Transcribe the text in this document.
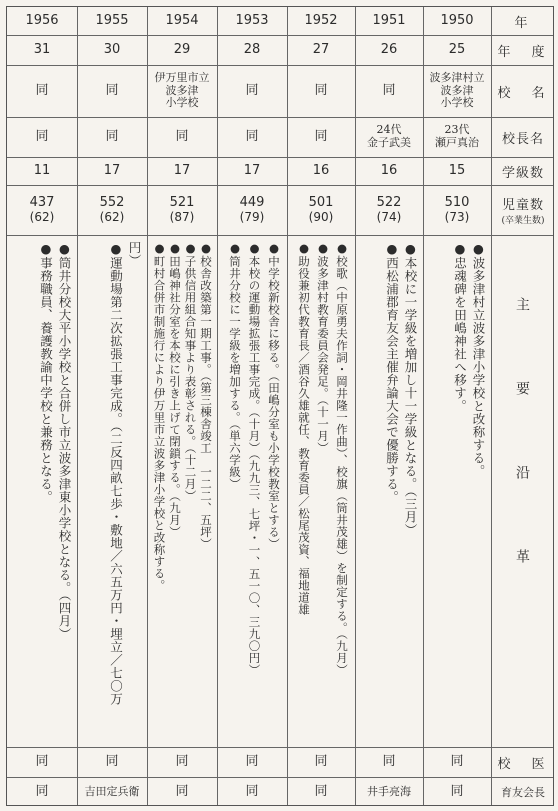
年
年　度
校　名
校長名
学級数
児童数
(卒業生数)
主　要　沿　革
校　医
育友会長
1956
31
同
同
11
437
(62)
●筒井分校大平小学校と合併し市立波多津東小学校となる。（四月）
●事務職員、養護教諭中学校と兼務となる。
同
同
1955
30
同
同
17
552
(62)
円）
●運動場第二次拡張工事完成。（二反四畝七歩・敷地／六五万円・埋立／七〇万
同
吉田定兵衛
1954
29
伊万里市立
波多津
小学校
同
17
521
(87)
●校舎改築第一期工事。（第三棟舎竣工　一二二、五坪）
●子供信用組合知事より表彰される。（十二月）
●田嶋神社分室を本校に引き上げて閉鎖する。（九月）
●町村合併市制施行により伊万里市立波多津小学校と改称する。
同
同
1953
28
同
同
17
449
(79)
●中学校新校舎に移る。（田嶋分室も小学校教室とする）
●本校の運動場拡張工事完成。（十月）（九九三、七坪・一、五一〇、三九〇円）
●筒井分校に一学級を増加する。（単六学級）
同
同
1952
27
同
同
16
501
(90)
●校歌（中原勇夫作詞・岡井隆一作曲）、校旗（筒井茂雄）を制定する。（九月）
●波多津村教育委員会発足。（十一月）
●助役兼初代教育長／酒谷久雄就任、教育委員／松尾茂資、福地道雄
同
同
1951
26
同
24代
金子武美
16
522
(74)
●本校に一学級を増加し十一学級となる。（三月）
●西松浦郡育友会主催弁論大会で優勝する。
同
井手亮海
1950
25
波多津村立
波多津
小学校
23代
瀬戸真治
15
510
(73)
●波多津村立波多津小学校と改称する。
●忠魂碑を田嶋神社へ移す。
同
同
